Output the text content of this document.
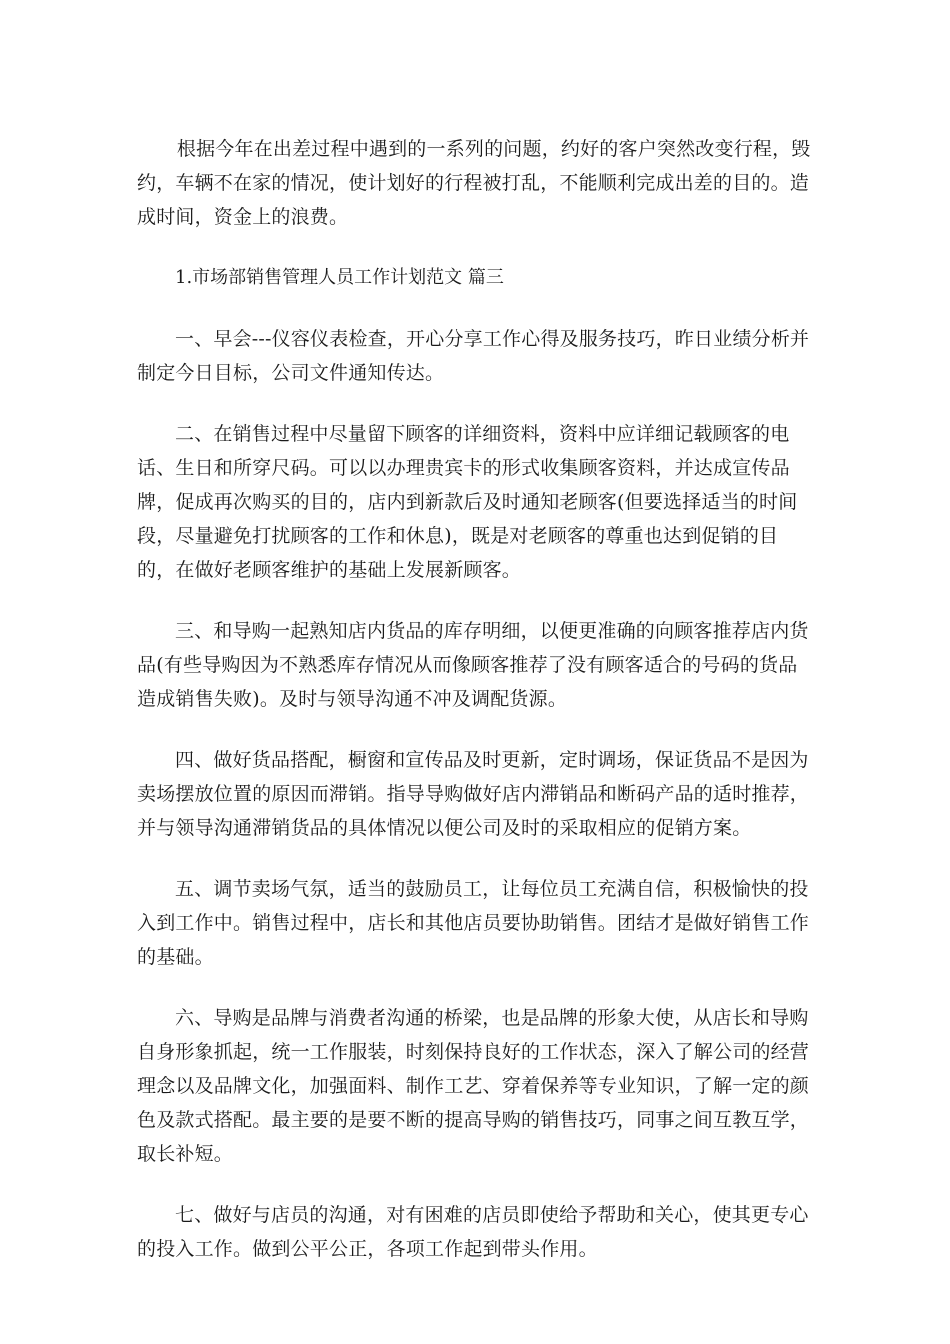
根据今年在出差过程中遇到的一系列的问题，约好的客户突然改变行程，毁约，车辆不在家的情况，使计划好的行程被打乱，不能顺利完成出差的目的。造成时间，资金上的浪费。

1.市场部销售管理人员工作计划范文 篇三

一、早会---仪容仪表检查，开心分享工作心得及服务技巧，昨日业绩分析并制定今日目标，公司文件通知传达。

二、在销售过程中尽量留下顾客的详细资料，资料中应详细记载顾客的电话、生日和所穿尺码。可以以办理贵宾卡的形式收集顾客资料，并达成宣传品牌，促成再次购买的目的，店内到新款后及时通知老顾客(但要选择适当的时间段，尽量避免打扰顾客的工作和休息)，既是对老顾客的尊重也达到促销的目的，在做好老顾客维护的基础上发展新顾客。

三、和导购一起熟知店内货品的库存明细，以便更准确的向顾客推荐店内货品(有些导购因为不熟悉库存情况从而像顾客推荐了没有顾客适合的号码的货品造成销售失败)。及时与领导沟通不冲及调配货源。

四、做好货品搭配，橱窗和宣传品及时更新，定时调场，保证货品不是因为卖场摆放位置的原因而滞销。指导导购做好店内滞销品和断码产品的适时推荐，并与领导沟通滞销货品的具体情况以便公司及时的采取相应的促销方案。

五、调节卖场气氛，适当的鼓励员工，让每位员工充满自信，积极愉快的投入到工作中。销售过程中，店长和其他店员要协助销售。团结才是做好销售工作的基础。

六、导购是品牌与消费者沟通的桥梁，也是品牌的形象大使，从店长和导购自身形象抓起，统一工作服装，时刻保持良好的工作状态，深入了解公司的经营理念以及品牌文化，加强面料、制作工艺、穿着保养等专业知识，了解一定的颜色及款式搭配。最主要的是要不断的提高导购的销售技巧，同事之间互教互学，取长补短。

七、做好与店员的沟通，对有困难的店员即使给予帮助和关心，使其更专心的投入工作。做到公平公正，各项工作起到带头作用。
